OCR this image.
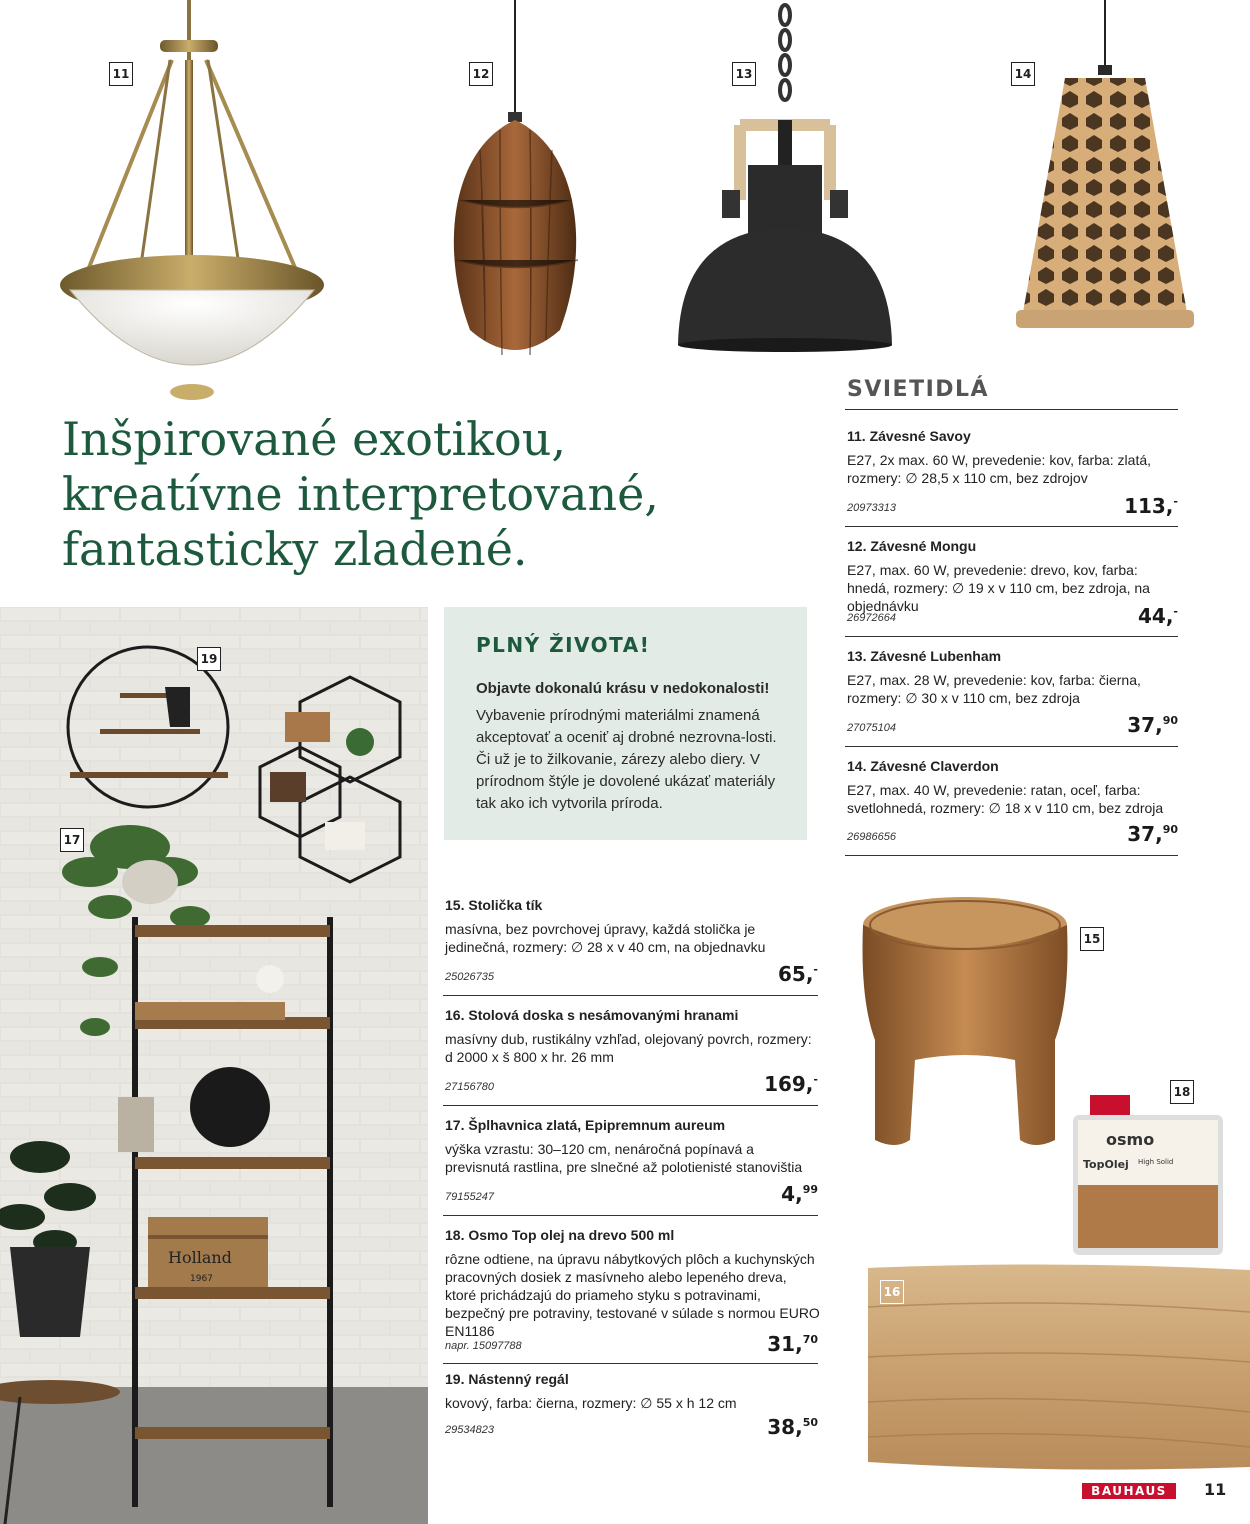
Holland
1967
osmo
TopOlej High Solid
11	12	13	14
19
17
15
18
16
Inšpirované exotikou,
kreatívne interpretované,
fantasticky zladené.
SVIETIDLÁ
PLNÝ ŽIVOTA!
Objavte dokonalú krásu v nedokonalosti!
Vybavenie prírodnými materiálmi znamená akceptovať a oceniť aj drobné nezrovna-losti. Či už je to žilkovanie, zárezy alebo diery. V prírodnom štýle je dovolené ukázať materiály tak ako ich vytvorila príroda.
11. Závesné Savoy
E27, 2x max. 60 W, prevedenie: kov, farba: zlatá, rozmery: ∅ 28,5 x 110 cm, bez zdrojov
20973313	113,-
12. Závesné Mongu
E27, max. 60 W, prevedenie: drevo, kov, farba: hnedá, rozmery: ∅ 19 x v 110 cm, bez zdroja, na objednávku
26972664	44,-
13. Závesné Lubenham
E27, max. 28 W, prevedenie: kov, farba: čierna, rozmery: ∅ 30 x v 110 cm, bez zdroja
27075104	37,90
14. Závesné Claverdon
E27, max. 40 W, prevedenie: ratan, oceľ, farba: svetlohnedá, rozmery: ∅ 18 x v 110 cm, bez zdroja
26986656	37,90
15. Stolička tík
masívna, bez povrchovej úpravy, každá stolička je jedinečná, rozmery: ∅ 28 x v 40 cm, na objednavku
25026735	65,-
16. Stolová doska s nesámovanými hranami
masívny dub, rustikálny vzhľad, olejovaný povrch, rozmery: d 2000 x š 800 x hr. 26 mm
27156780	169,-
17. Šplhavnica zlatá, Epipremnum aureum
výška vzrastu: 30–120 cm, nenáročná popínavá a previsnutá rastlina, pre slnečné až polotienisté stanovištia
79155247	4,99
18. Osmo Top olej na drevo 500 ml
rôzne odtiene, na úpravu nábytkových plôch a kuchynských pracovných dosiek z masívneho alebo lepeného dreva, ktoré prichádzajú do priameho styku s potravinami, bezpečný pre potraviny, testované v súlade s normou EURO EN1186
napr. 15097788	31,70
19. Nástenný regál
kovový, farba: čierna, rozmery: ∅ 55 x h 12 cm
29534823	38,50
BAUHAUS	11
